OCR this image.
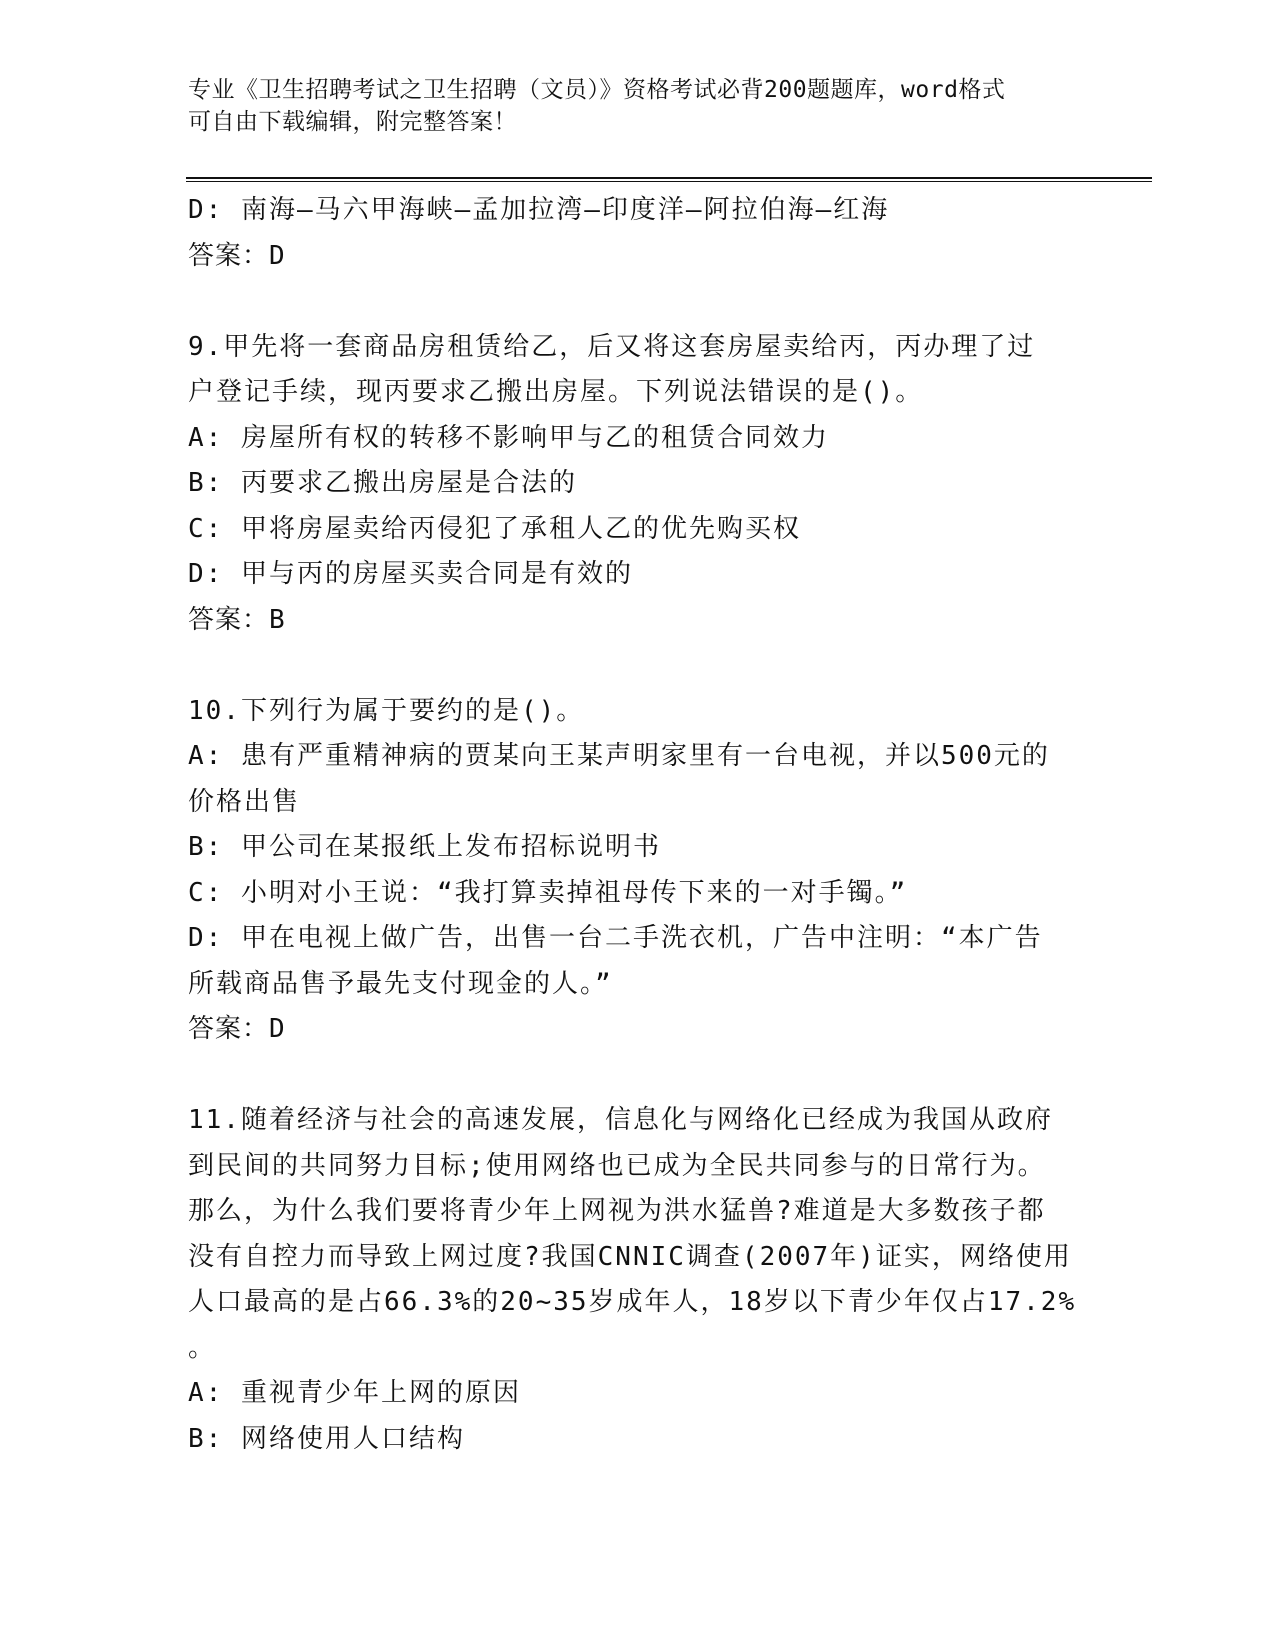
专业《卫生招聘考试之卫生招聘（文员）》资格考试必背200题题库，word格式
可自由下载编辑，附完整答案！
D: 南海—马六甲海峡—孟加拉湾—印度洋—阿拉伯海—红海
答案：D
9.甲先将一套商品房租赁给乙，后又将这套房屋卖给丙，丙办理了过
户登记手续，现丙要求乙搬出房屋。下列说法错误的是()。
A: 房屋所有权的转移不影响甲与乙的租赁合同效力
B: 丙要求乙搬出房屋是合法的
C: 甲将房屋卖给丙侵犯了承租人乙的优先购买权
D: 甲与丙的房屋买卖合同是有效的
答案：B
10.下列行为属于要约的是()。
A: 患有严重精神病的贾某向王某声明家里有一台电视，并以500元的
价格出售
B: 甲公司在某报纸上发布招标说明书
C: 小明对小王说：“我打算卖掉祖母传下来的一对手镯。”
D: 甲在电视上做广告，出售一台二手洗衣机，广告中注明：“本广告
所载商品售予最先支付现金的人。”
答案：D
11.随着经济与社会的高速发展，信息化与网络化已经成为我国从政府
到民间的共同努力目标;使用网络也已成为全民共同参与的日常行为。
那么，为什么我们要将青少年上网视为洪水猛兽?难道是大多数孩子都
没有自控力而导致上网过度?我国CNNIC调查(2007年)证实，网络使用
人口最高的是占66.3%的20~35岁成年人，18岁以下青少年仅占17.2%
。
A: 重视青少年上网的原因
B: 网络使用人口结构
